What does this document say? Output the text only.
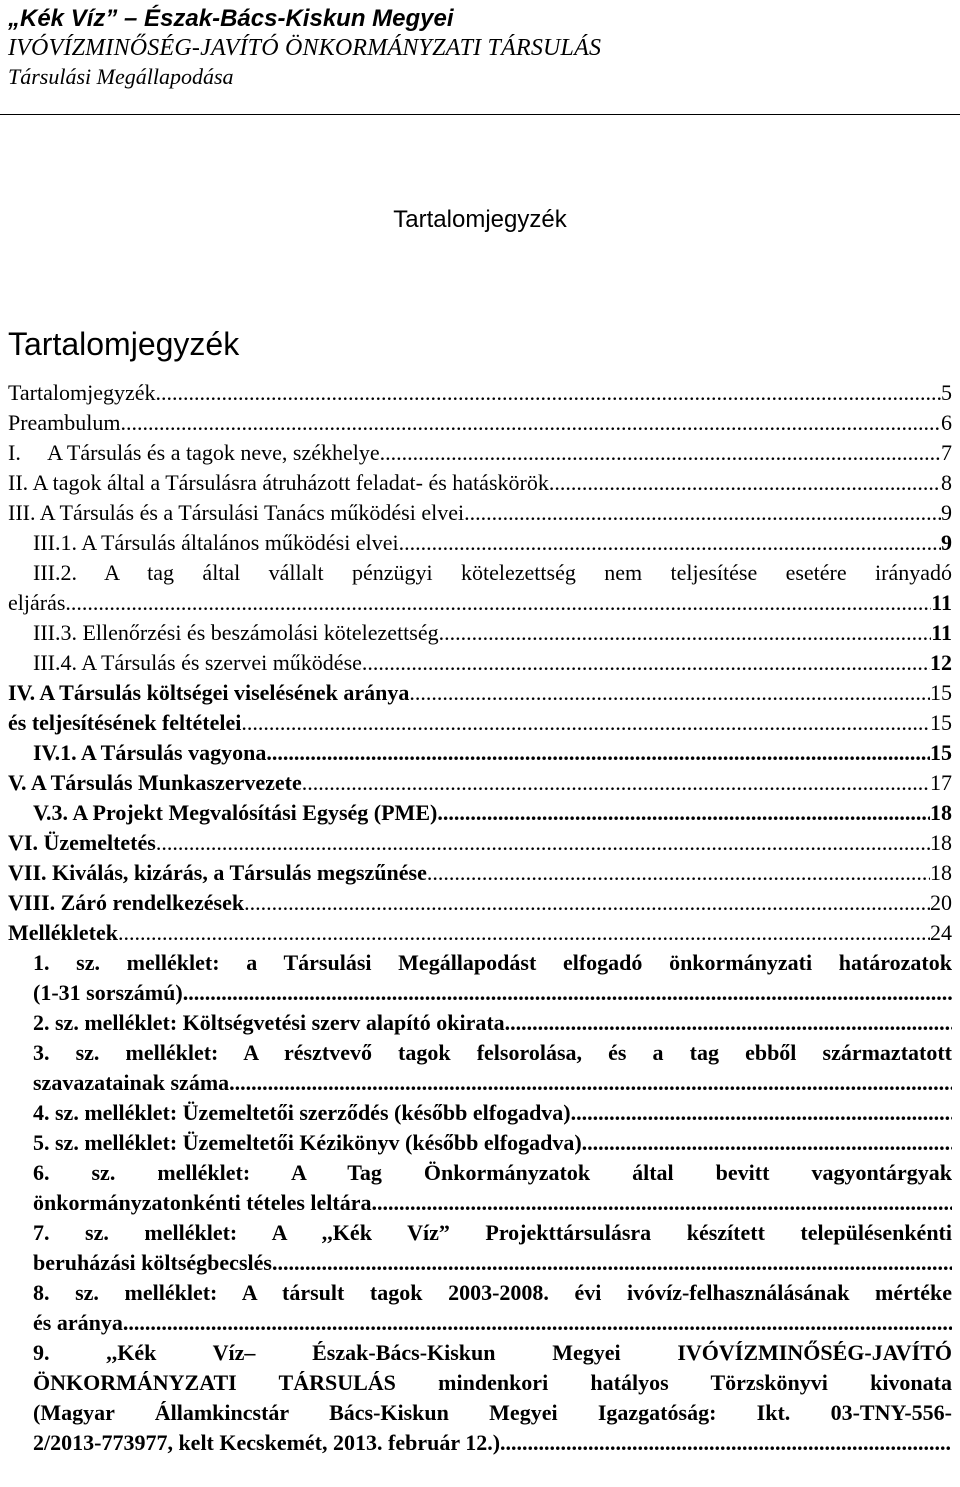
„Kék Víz” – Észak-Bács-Kiskun Megyei
IVÓVÍZMINŐSÉG-JAVÍTÓ ÖNKORMÁNYZATI TÁRSULÁS
Társulási Megállapodása
Tartalomjegyzék
Tartalomjegyzék
Tartalomjegyzék .....	5
Preambulum .....	6
I.     A Társulás és a tagok neve, székhelye .....	7
II. A tagok által a Társulásra átruházott feladat- és hatáskörök .....	8
III. A Társulás és a Társulási Tanács működési elvei .....	9
III.1. A Társulás általános működési elvei .....	9
III.2. A tag által vállalt pénzügyi kötelezettség nem teljesítése esetére irányadó
eljárás .....	11
III.3. Ellenőrzési és beszámolási kötelezettség .....	11
III.4. A Társulás és szervei működése .....	12
IV. A Társulás költségei viselésének aránya .....	15
és teljesítésének feltételei .....	15
IV.1. A Társulás vagyona .....	15
V. A Társulás Munkaszervezete .....	17
V.3. A Projekt Megvalósítási Egység (PME) .....	18
VI. Üzemeltetés .....	18
VII. Kiválás, kizárás, a Társulás megszűnése .....	18
VIII. Záró rendelkezések .....	20
Mellékletek .....	24
1. sz. melléklet: a Társulási Megállapodást elfogadó önkormányzati határozatok
(1-31 sorszámú)
.....
2. sz. melléklet: Költségvetési szerv alapító okirata
.....
3. sz. melléklet: A résztvevő tagok felsorolása, és a tag ebből származtatott
szavazatainak száma
.....
4. sz. melléklet: Üzemeltetői szerződés (később elfogadva)
.....
5. sz. melléklet: Üzemeltetői Kézikönyv (később elfogadva)
.....
6. sz. melléklet: A Tag Önkormányzatok által bevitt vagyontárgyak
önkormányzatonkénti tételes leltára
.....
7. sz. melléklet: A ,,Kék Víz” Projekttársulásra készített településenkénti
beruházási költségbecslés
.....
8. sz. melléklet: A társult tagok 2003-2008. évi ivóvíz-felhasználásának mértéke
és aránya
.....
9. ,,Kék Víz– Észak-Bács-Kiskun Megyei IVÓVÍZMINŐSÉG-JAVÍTÓ
ÖNKORMÁNYZATI TÁRSULÁS mindenkori hatályos Törzskönyvi kivonata
(Magyar Államkincstár Bács-Kiskun Megyei Igazgatóság: Ikt. 03-TNY-556-
2/2013-773977, kelt Kecskemét, 2013. február 12.)
.....
